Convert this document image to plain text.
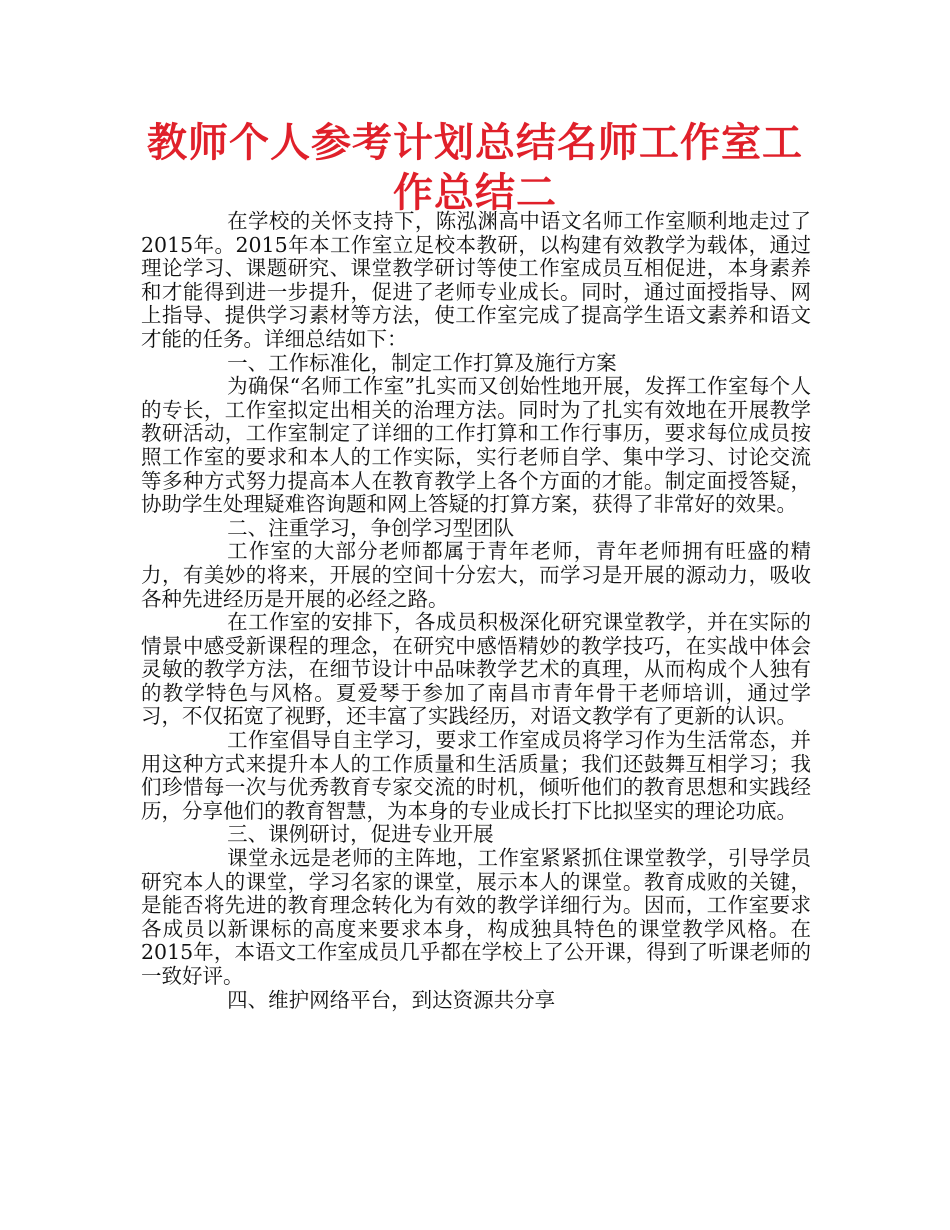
教师个人参考计划总结名师工作室工作总结二

在学校的关怀支持下，陈泓渊高中语文名师工作室顺利地走过了2015年。2015年本工作室立足校本教研，以构建有效教学为载体，通过理论学习、课题研究、课堂教学研讨等使工作室成员互相促进，本身素养和才能得到进一步提升，促进了老师专业成长。同时，通过面授指导、网上指导、提供学习素材等方法，使工作室完成了提高学生语文素养和语文才能的任务。详细总结如下：

一、工作标准化，制定工作打算及施行方案

为确保“名师工作室”扎实而又创始性地开展，发挥工作室每个人的专长，工作室拟定出相关的治理方法。同时为了扎实有效地在开展教学教研活动，工作室制定了详细的工作打算和工作行事历，要求每位成员按照工作室的要求和本人的工作实际，实行老师自学、集中学习、讨论交流等多种方式努力提高本人在教育教学上各个方面的才能。制定面授答疑，协助学生处理疑难咨询题和网上答疑的打算方案，获得了非常好的效果。

二、注重学习，争创学习型团队

工作室的大部分老师都属于青年老师，青年老师拥有旺盛的精力，有美妙的将来，开展的空间十分宏大，而学习是开展的源动力，吸收各种先进经历是开展的必经之路。

在工作室的安排下，各成员积极深化研究课堂教学，并在实际的情景中感受新课程的理念，在研究中感悟精妙的教学技巧，在实战中体会灵敏的教学方法，在细节设计中品味教学艺术的真理，从而构成个人独有的教学特色与风格。夏爱琴于参加了南昌市青年骨干老师培训，通过学习，不仅拓宽了视野，还丰富了实践经历，对语文教学有了更新的认识。

工作室倡导自主学习，要求工作室成员将学习作为生活常态，并用这种方式来提升本人的工作质量和生活质量；我们还鼓舞互相学习；我们珍惜每一次与优秀教育专家交流的时机，倾听他们的教育思想和实践经历，分享他们的教育智慧，为本身的专业成长打下比拟坚实的理论功底。

三、课例研讨，促进专业开展

课堂永远是老师的主阵地，工作室紧紧抓住课堂教学，引导学员研究本人的课堂，学习名家的课堂，展示本人的课堂。教育成败的关键，是能否将先进的教育理念转化为有效的教学详细行为。因而，工作室要求各成员以新课标的高度来要求本身，构成独具特色的课堂教学风格。在2015年，本语文工作室成员几乎都在学校上了公开课，得到了听课老师的一致好评。

四、维护网络平台，到达资源共分享
